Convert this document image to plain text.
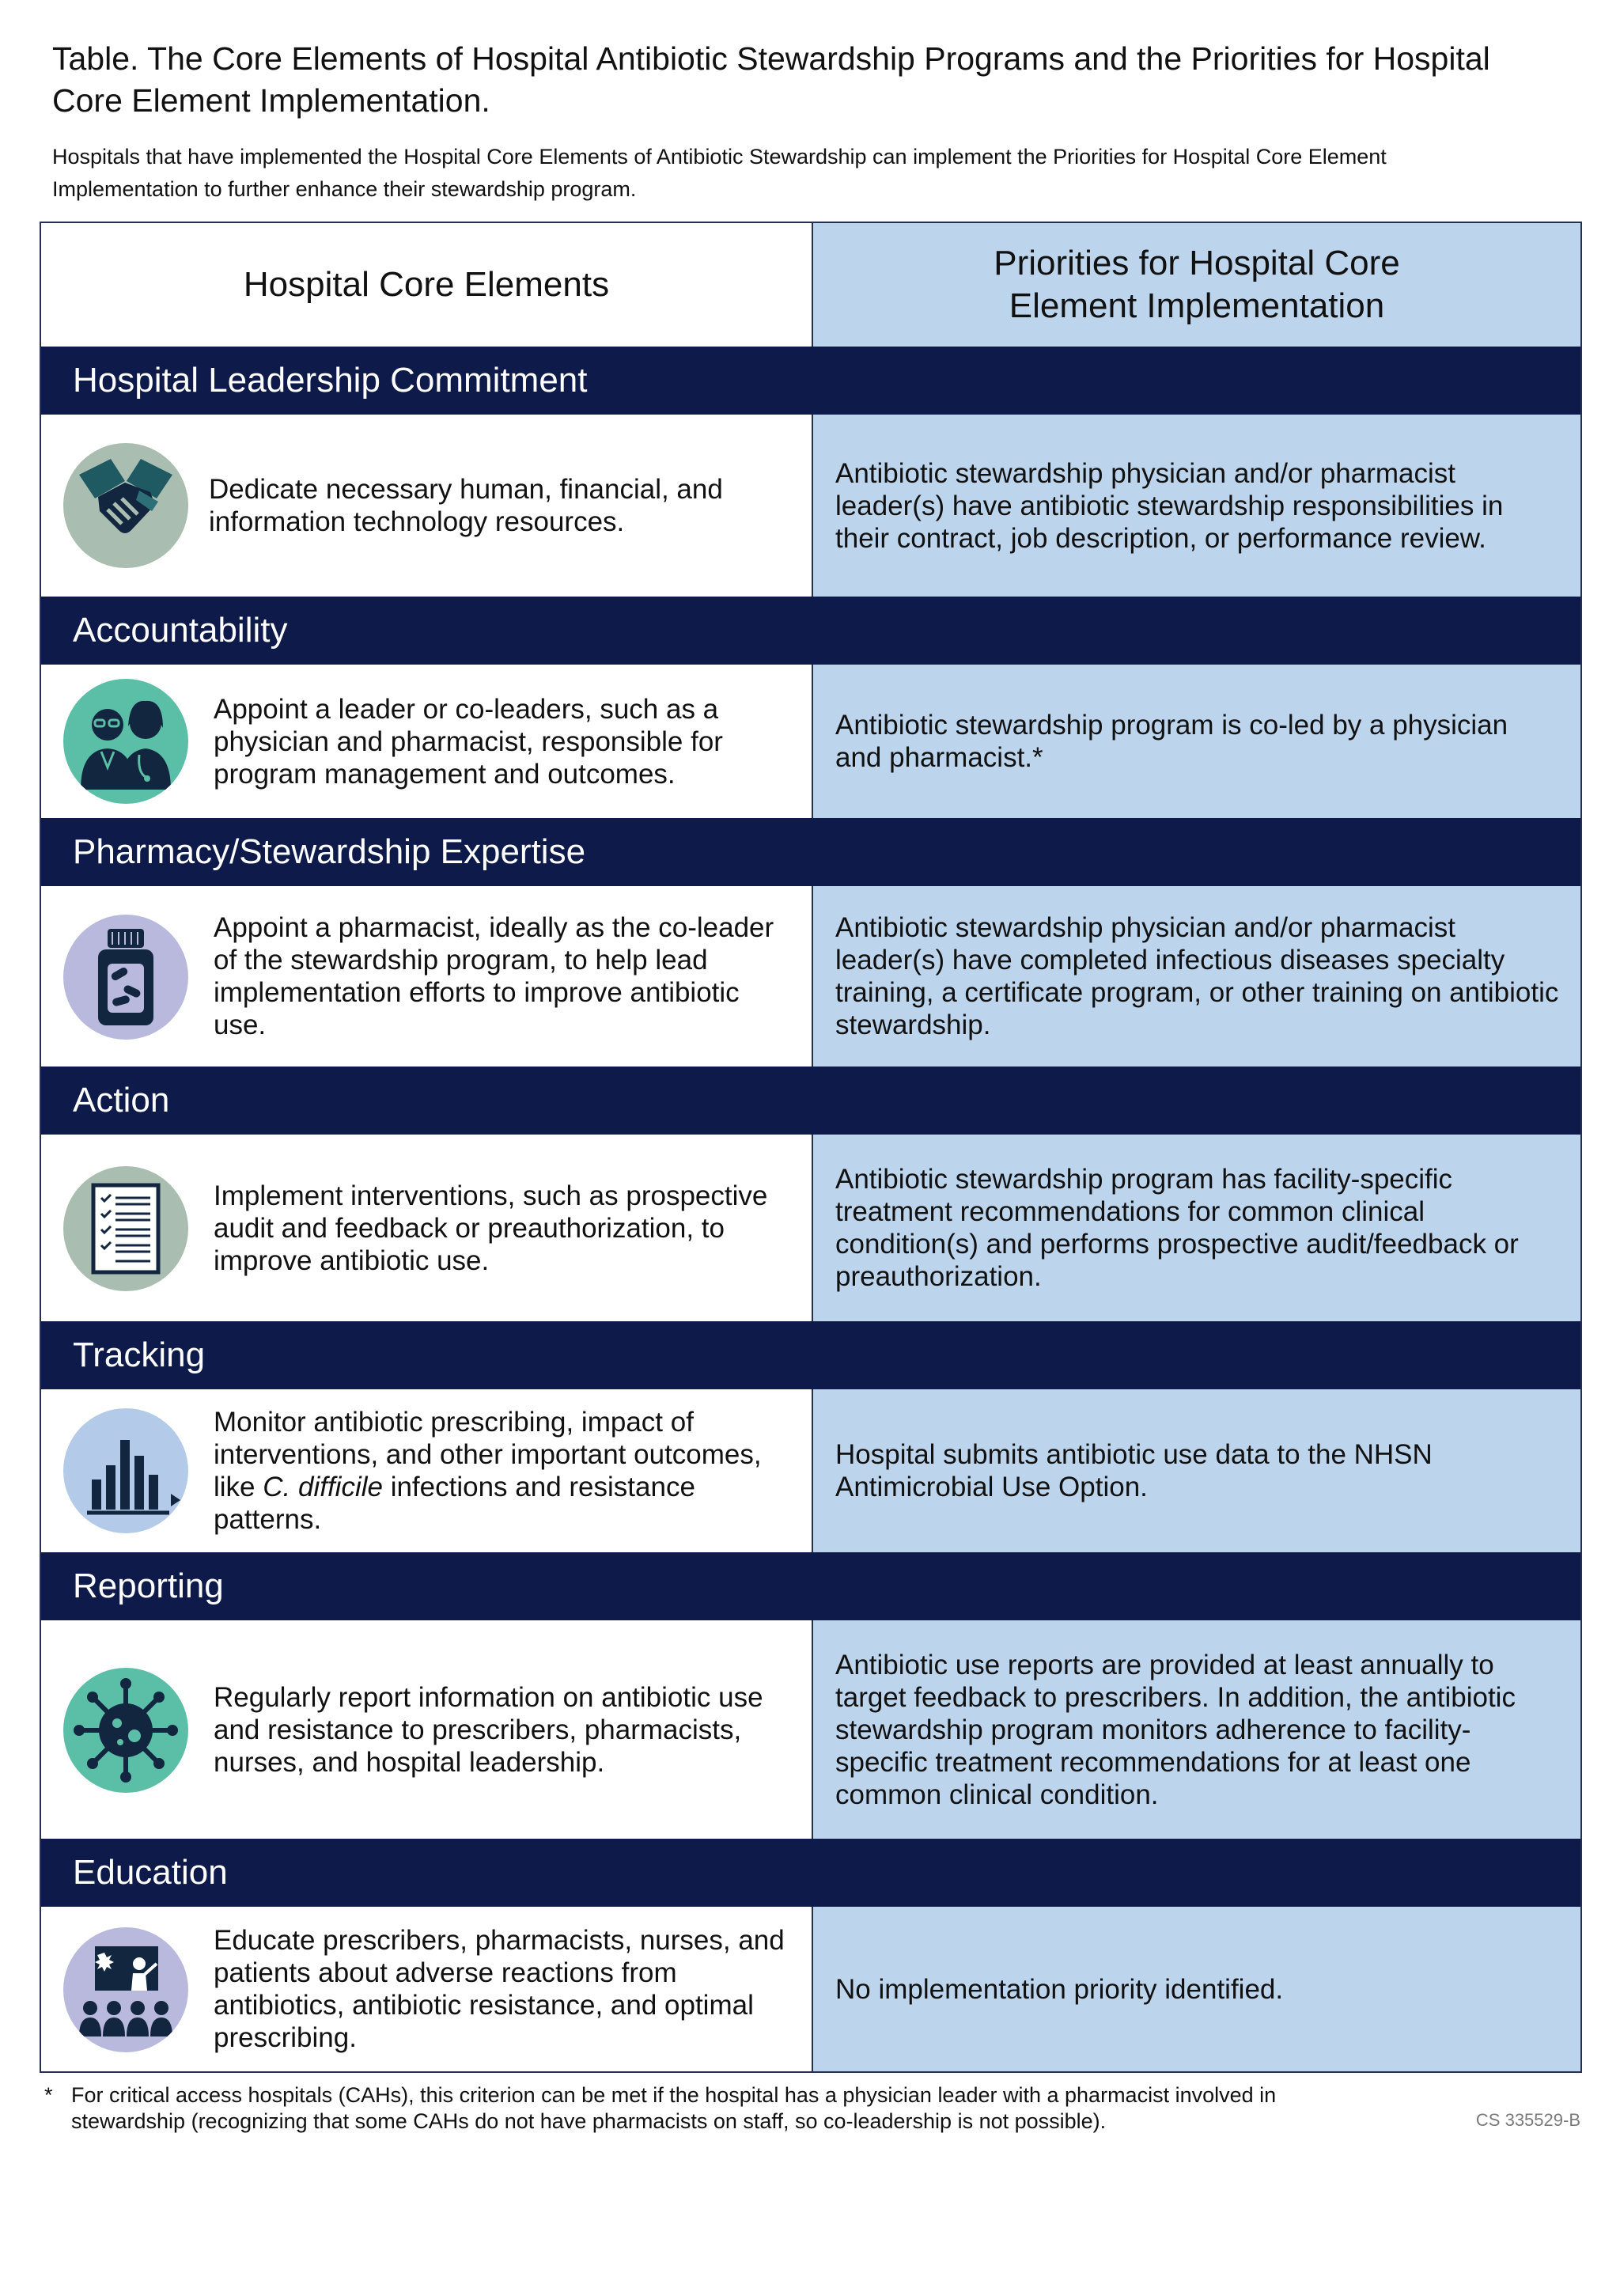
Table. The Core Elements of Hospital Antibiotic Stewardship Programs and the Priorities for Hospital Core Element Implementation.
Hospitals that have implemented the Hospital Core Elements of Antibiotic Stewardship can implement the Priorities for Hospital Core Element Implementation to further enhance their stewardship program.
Hospital Core Elements
Priorities for Hospital Core
Element Implementation
Hospital Leadership Commitment
Dedicate necessary human, financial, and information technology resources.
Antibiotic stewardship physician and/or pharmacist leader(s) have antibiotic stewardship responsibilities in their contract, job description, or performance review.
Accountability
Appoint a leader or co-leaders, such as a physician and pharmacist, responsible for program management and outcomes.
Antibiotic stewardship program is co-led by a physician and pharmacist.*
Pharmacy/Stewardship Expertise
Appoint a pharmacist, ideally as the co-leader of the stewardship program, to help lead implementation efforts to improve antibiotic use.
Antibiotic stewardship physician and/or pharmacist leader(s) have completed infectious diseases specialty training, a certificate program, or other training on antibiotic stewardship.
Action
Implement interventions, such as prospective audit and feedback or preauthorization, to improve antibiotic use.
Antibiotic stewardship program has facility-specific treatment recommendations for common clinical condition(s) and performs prospective audit/feedback or preauthorization.
Tracking
Monitor antibiotic prescribing, impact of interventions, and other important outcomes, like C. difficile infections and resistance patterns.
Hospital submits antibiotic use data to the NHSN Antimicrobial Use Option.
Reporting
Regularly report information on antibiotic use and resistance to prescribers, pharmacists, nurses, and hospital leadership.
Antibiotic use reports are provided at least annually to target feedback to prescribers. In addition, the antibiotic stewardship program monitors adherence to facility-specific treatment recommendations for at least one common clinical condition.
Education
Educate prescribers, pharmacists, nurses, and patients about adverse reactions from antibiotics, antibiotic resistance, and optimal prescribing.
No implementation priority identified.
* For critical access hospitals (CAHs), this criterion can be met if the hospital has a physician leader with a pharmacist involved in stewardship (recognizing that some CAHs do not have pharmacists on staff, so co-leadership is not possible).	CS 335529-B
